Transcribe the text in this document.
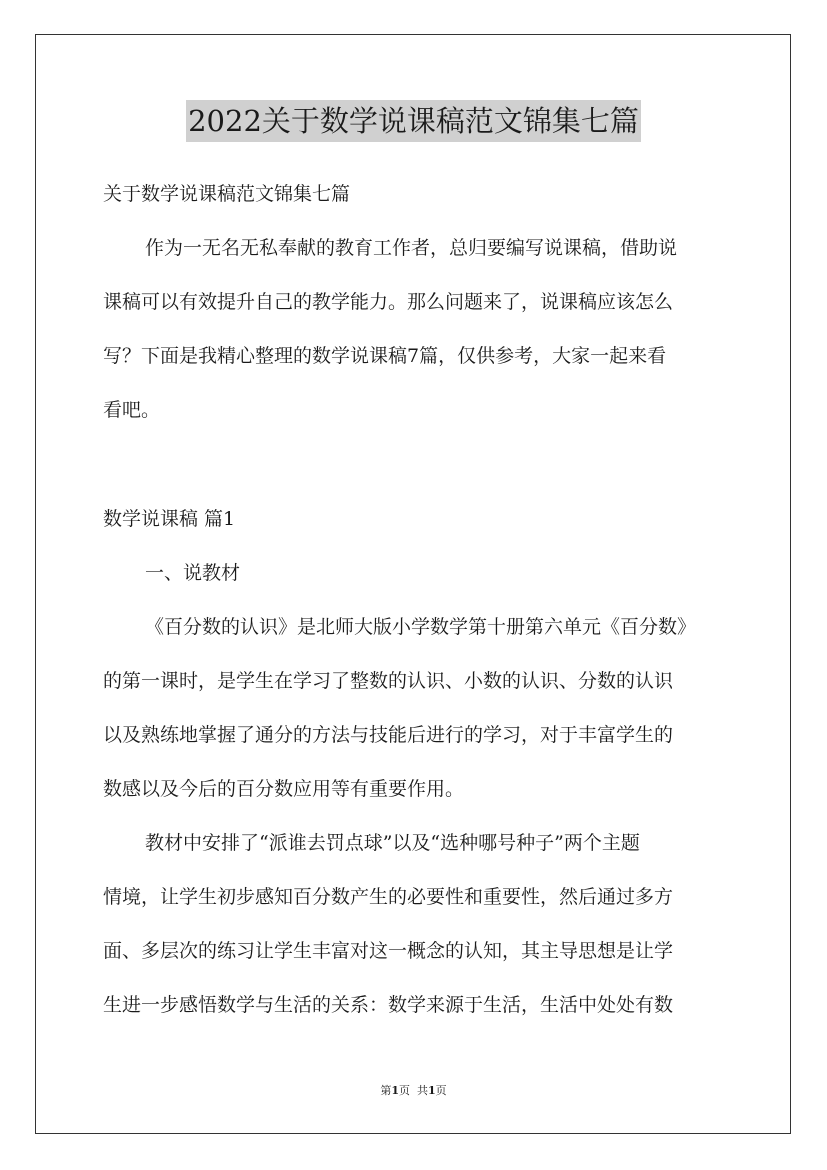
2022关于数学说课稿范文锦集七篇
关于数学说课稿范文锦集七篇
作为一无名无私奉献的教育工作者，总归要编写说课稿，借助说
课稿可以有效提升自己的教学能力。那么问题来了，说课稿应该怎么
写？下面是我精心整理的数学说课稿7篇，仅供参考，大家一起来看
看吧。
数学说课稿 篇1
一、说教材
《百分数的认识》是北师大版小学数学第十册第六单元《百分数》
的第一课时，是学生在学习了整数的认识、小数的认识、分数的认识
以及熟练地掌握了通分的方法与技能后进行的学习，对于丰富学生的
数感以及今后的百分数应用等有重要作用。
教材中安排了“派谁去罚点球”以及“选种哪号种子”两个主题
情境，让学生初步感知百分数产生的必要性和重要性，然后通过多方
面、多层次的练习让学生丰富对这一概念的认知，其主导思想是让学
生进一步感悟数学与生活的关系：数学来源于生活，生活中处处有数
第1页 共1页
